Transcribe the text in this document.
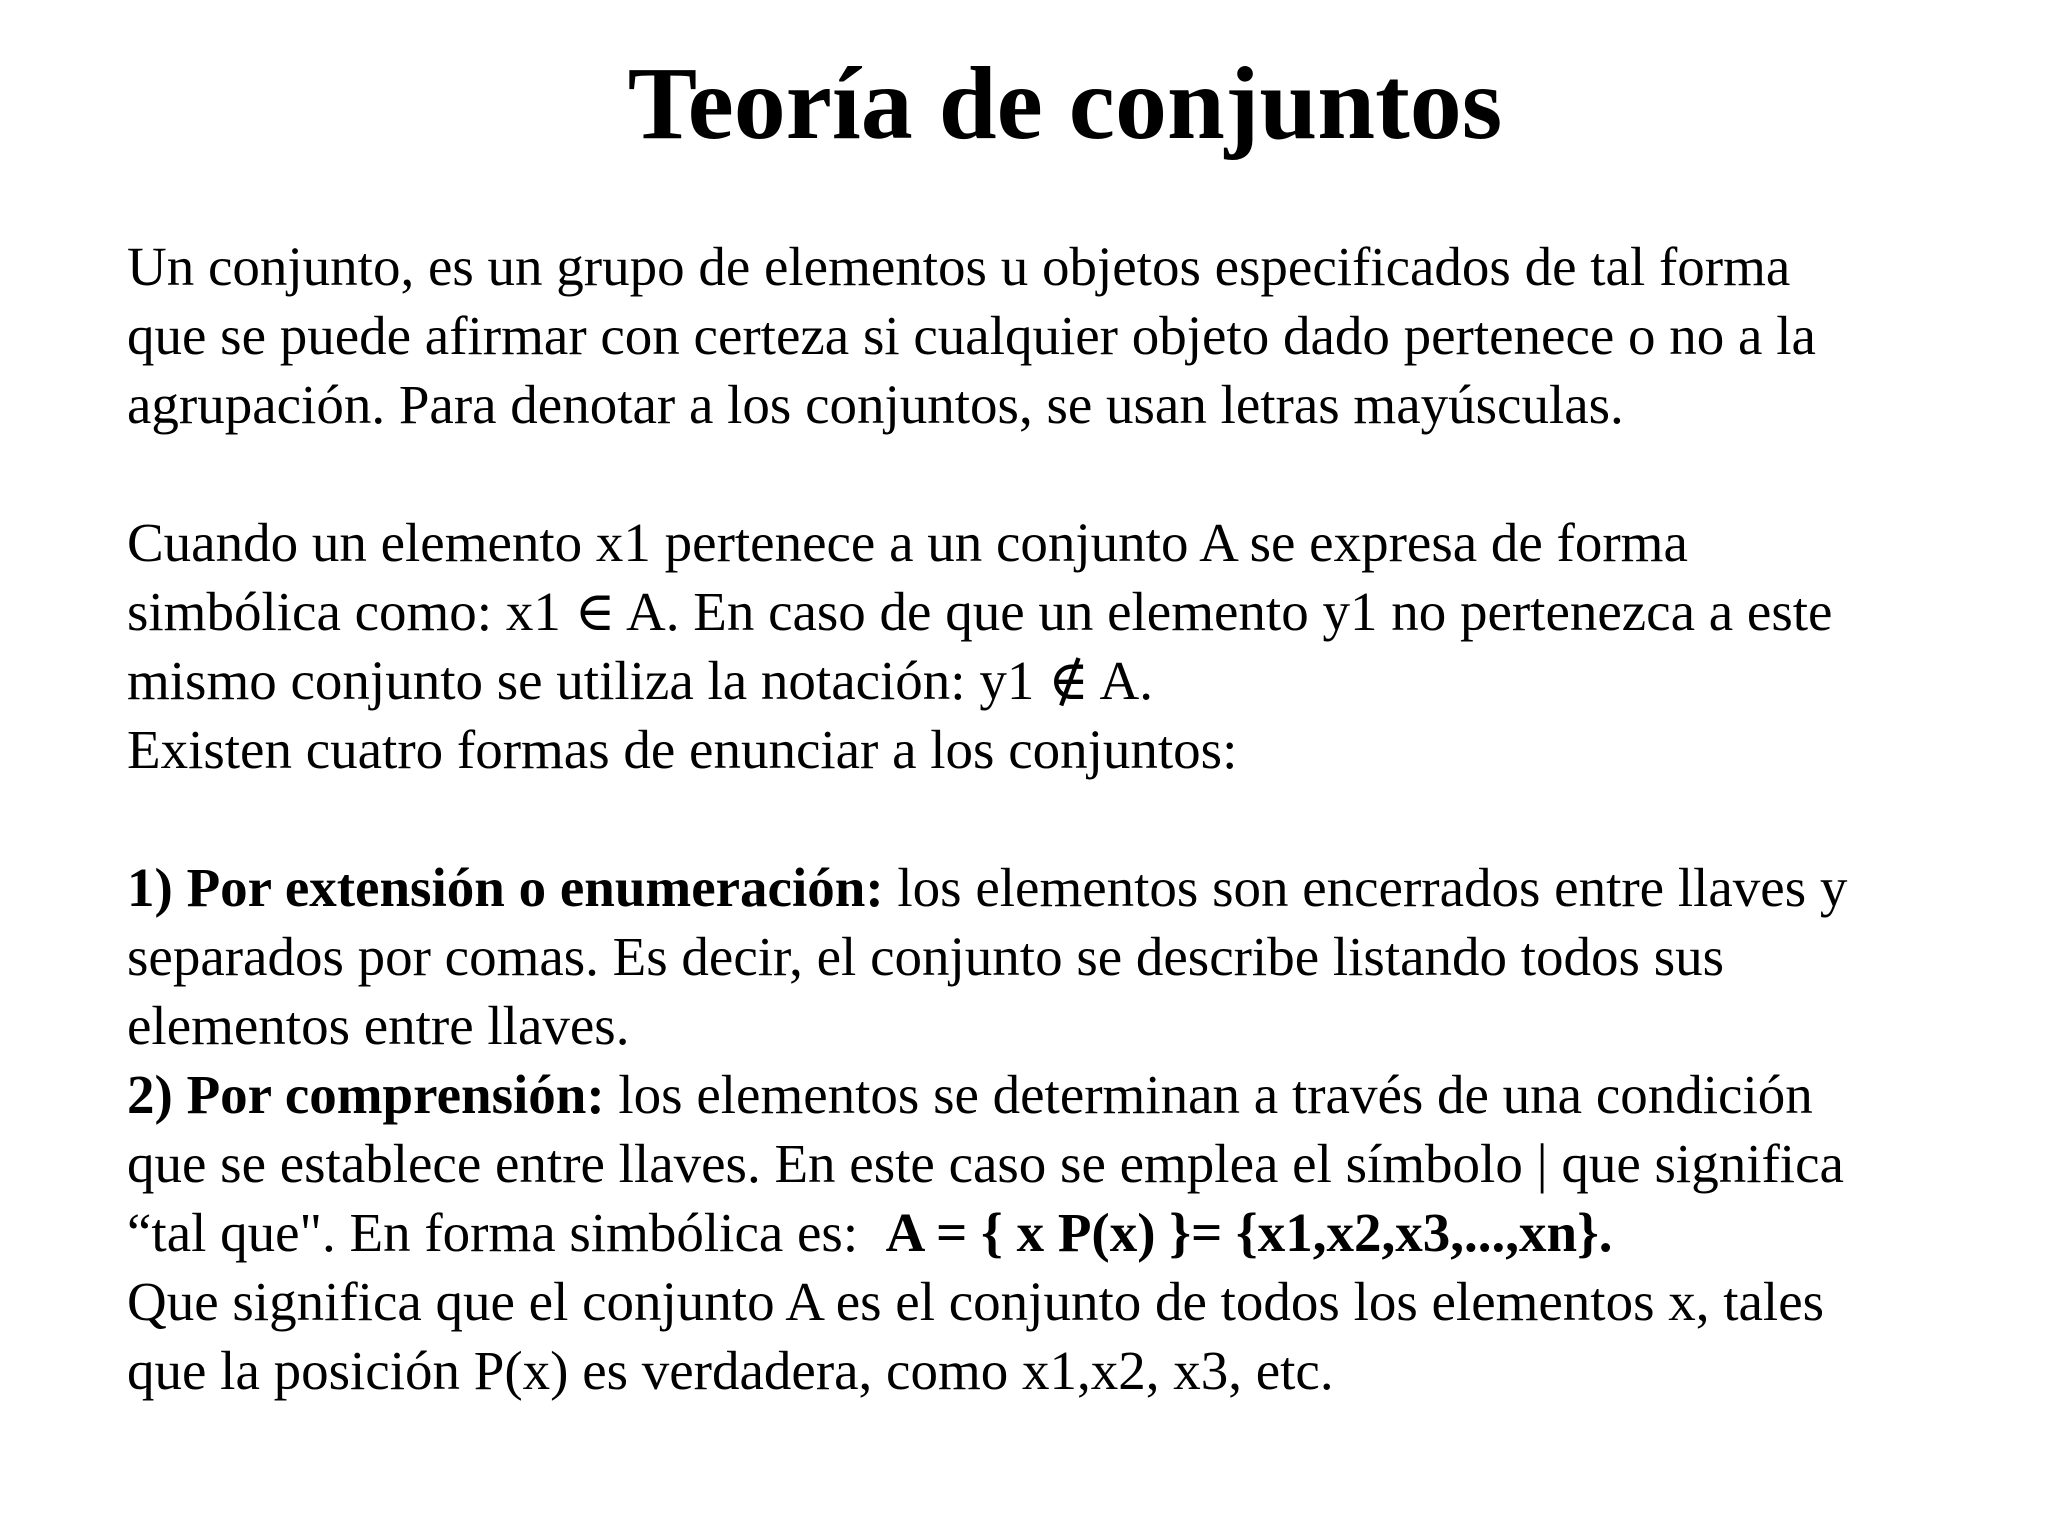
Teoría de conjuntos
Un conjunto, es un grupo de elementos u objetos especificados de tal forma
que se puede afirmar con certeza si cualquier objeto dado pertenece o no a la
agrupación. Para denotar a los conjuntos, se usan letras mayúsculas.
Cuando un elemento x1 pertenece a un conjunto A se expresa de forma
simbólica como: x1 ∈ A. En caso de que un elemento y1 no pertenezca a este
mismo conjunto se utiliza la notación: y1 ∉ A.
Existen cuatro formas de enunciar a los conjuntos:
1) Por extensión o enumeración: los elementos son encerrados entre llaves y
separados por comas. Es decir, el conjunto se describe listando todos sus
elementos entre llaves.
2) Por comprensión: los elementos se determinan a través de una condición
que se establece entre llaves. En este caso se emplea el símbolo | que significa
“tal que". En forma simbólica es:  A = { x P(x) }= {x1,x2,x3,...,xn}.
Que significa que el conjunto A es el conjunto de todos los elementos x, tales
que la posición P(x) es verdadera, como x1,x2, x3, etc.
